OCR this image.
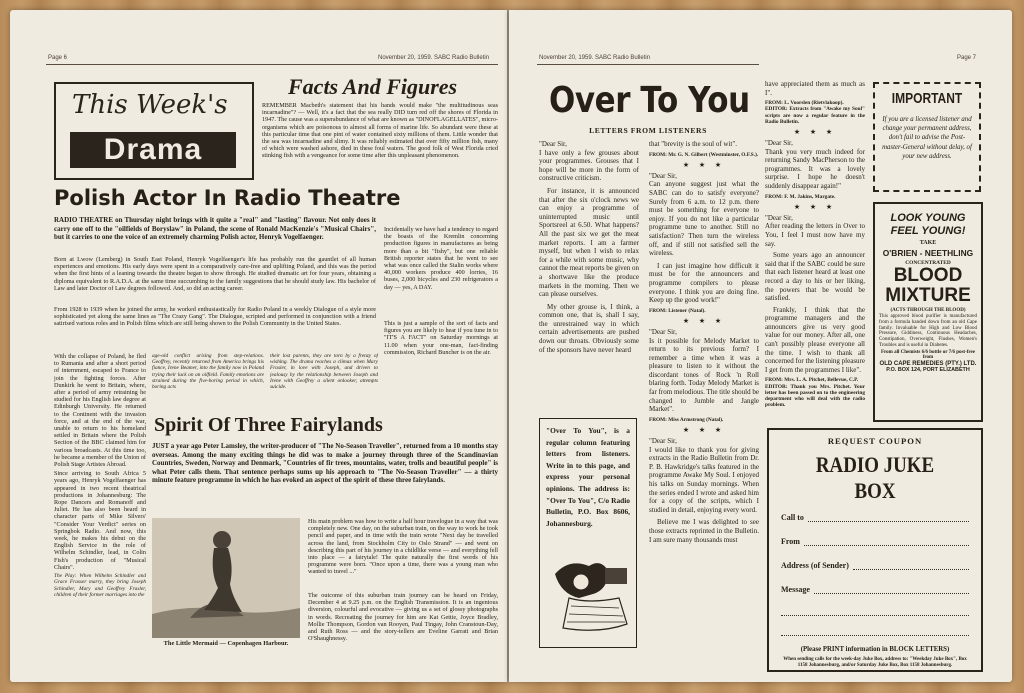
Page 6	November 20, 1959. SABC Radio Bulletin
This Week's
Drama
Facts And Figures

REMEMBER Macbeth's statement that his hands would make "the multitudinous seas incarnadine"? — Well, it's a fact that the sea really DID turn red off the shores of Florida in 1947. The cause was a superabundance of what are known as "DINOFLAGELLATES", micro-organisms which are poisonous to almost all forms of marine life. So abundant were these at this particular time that one pint of water contained sixty millions of them. Little wonder that the sea was incarnadine and slimy. It was reliably estimated that over fifty million fish, many of which were washed ashore, died in these foul waters. The good folk of West Florida cried stinking fish with a vengeance for some time after this unpleasant phenomenon.

Incidentally we have had a tendency to regard the boasts of the Kremlin concerning production figures in manufactures as being more than a bit "fishy", but one reliable British reporter states that he went to see what was once called the Stalin works where 40,000 workers produce 400 lorries, 16 buses, 2,000 bicycles and 230 refrigerators a day — yes, A DAY.

This is just a sample of the sort of facts and figures you are likely to hear if you tune in to "IT'S A FACT" on Saturday mornings at 11.00 when your one-man, fact-finding commission, Richard Buncher is on the air.

Polish Actor In Radio Theatre

RADIO THEATRE on Thursday night brings with it quite a "real" and "lasting" flavour. Not only does it carry one off to the "oilfields of Boryslaw" in Poland, the scene of Ronald MacKenzie's "Musical Chairs", but it carries to one the voice of an extremely charming Polish actor, Henryk Vogelfaenger.

Born at Lwow (Lemberg) in South East Poland, Henryk Vogelfaenger's life has probably run the gauntlet of all human experiences and emotions. His early days were spent in a comparatively care-free and uplifting Poland, and this was the period when the first hints of a leaning towards the theatre began to show through. He studied dramatic art for four years, obtaining a diploma equivalent to R.A.D.A. at the same time succumbing to the family suggestions that he should study law. His bachelor of Law and later Doctor of Law degrees followed. And, so did an acting career.

From 1928 to 1939 when he joined the army, he worked enthusiastically for Radio Poland in a weekly Dialogue of a style more sophisticated yet along the same lines as "The Crazy Gang". The Dialogue, scripted and performed in conjunction with a friend satirised various roles and in Polish films which are still being shown to the Polish Community in the United States.

With the collapse of Poland, he fled to Rumania and after a short period of internment, escaped to France to join the fighting forces. After Dunkirk he went to Britain, where, after a period of army retraining he studied for his English law degree at Edinburgh University. He returned to the Continent with the invasion force, and at the end of the war, unable to return to his homeland settled in Britain where the Polish Section of the BBC claimed him for various broadcasts. At this time too, he became a member of the Union of Polish Stage Artistes Abroad.

Since arriving to South Africa 5 years ago, Henryk Vogelfaenger has appeared in two recent theatrical productions in Johannesburg: The Rope Dancers and Romanoff and Juliet. He has also been heard in character parts of Mike Silvers' "Consider Your Verdict" series on Springbok Radio. And now, this week, he makes his debut on the English Service in the role of Wilhelm Schindler, lead, in Colin Fish's production of "Musical Chairs".

The Play: When Wilhelm Schindler and Grace Frasser marry, they bring Joseph Schindler, Mary and Geoffrey Frasler, children of their former marriages into the

age-old conflict arising from step-relations. Geoffrey, recently returned from America brings his fiance, Irene Beamer, into the family now in Poland trying their luck on an oilfield. Family emotions are strained during the five-boring period in which, boring acts

their lost parents, they are torn by a frenzy of wishing. The drama reaches a climax when Mary Frasler, in love with Joseph, and driven to jealousy by the relationship between Joseph and Irene with Geoffrey a silent onlooker, attempts suicide.

Spirit Of Three Fairylands

JUST a year ago Peter Lamsley, the writer-producer of "The No-Season Traveller", returned from a 10 months stay overseas. Among the many exciting things he did was to make a journey through three of the Scandinavian Countries, Sweden, Norway and Denmark, "Countries of fir trees, mountains, water, trolls and beautiful people" is what Peter calls them. That sentence perhaps sums up his approach to "The No-Season Traveller" — a thirty minute feature programme in which he has evoked an aspect of the spirit of these three fairylands.

The Little Mermaid — Copenhagen Harbour.

His main problem was how to write a half hour travelogue in a way that was completely new. One day, on the suburban train, on the way to work he took pencil and paper, and in time with the train wrote "Next day he travelled across the land, from Stockholm City to Oslo Strand" — and went on describing this part of his journey in a childlike verse — and everything fell into place — a fairytale! The quite naturally the first words of his programme were born. "Once upon a time, there was a young man who wanted to travel ..."

The outcome of this suburban train journey can be heard on Friday, December 4 at 9.25 p.m. on the English Transmission. It is an ingenious diversion, colourful and evocative — giving us a set of glossy photographs in words. Recreating the journey for him are Kat Gettie, Joyce Bradley, Mollie Thompson, Gordon van Rooyen, Paul Tingay, John Cranstoun-Day, and Ruth Ross — and the story-tellers are Eveline Garratt and Brian O'Shaughnessy.

November 20, 1959. SABC Radio Bulletin	Page 7
Over To You
LETTERS FROM LISTENERS

"Dear Sir,
I have only a few grouses about your programmes. Grouses that I hope will be more in the form of constructive criticism.

For instance, it is announced that after the six o'clock news we can enjoy a programme of uninterrupted music until Sportsreel at 6.50. What happens? All the past six we get the meat market reports. I am a farmer myself, but when I wish to relax for a while with some music, why cannot the meat reports be given on a shortwave like the produce markets in the morning. Then we can please ourselves.

My other grouse is, I think, a common one, that is, shall I say, the unrestrained way in which certain advertisements are pushed down our throats. Obviously some of the sponsors have never heard

"Over To You", is a regular column featuring letters from listeners. Write in to this page, and express your personal opinions. The address is: "Over To You", C/o Radio Bulletin, P.O. Box 8606, Johannesburg.

that "brevity is the soul of wit".

FROM: Mr. G. N. Gilbert (Westminster, O.F.S.).

★ ★ ★

"Dear Sir,
Can anyone suggest just what the SABC can do to satisfy everyone? Surely from 6 a.m. to 12 p.m. there must be something for everyone to enjoy. If you do not like a particular programme tune to another. Still no satisfaction? Then turn the wireless off, and if still not satisfied sell the wireless.

I can just imagine how difficult it must be for the announcers and programme compilers to please everyone. I think you are doing fine. Keep up the good work!"

FROM: Listener (Natal).

★ ★ ★

"Dear Sir,
Is it possible for Melody Market to return to its previous form? I remember a time when it was a pleasure to listen to it without the discordant tones of Rock 'n Roll blaring forth. Today Melody Market is far from melodious. The title should be changed to Jumble and Jangle Market".

FROM: Miss Armstrong (Natal).

★ ★ ★

"Dear Sir,
I would like to thank you for giving extracts in the Radio Bulletin from Dr. P. B. Hawkridge's talks featured in the programme Awake My Soul. I enjoyed his talks on Sunday mornings. When the series ended I wrote and asked him for a copy of the scripts, which I studied in detail, enjoying every word.

Believe me I was delighted to see those extracts reprinted in the Bulletin. I am sure many thousands must

have appreciated them as much as I".

FROM: L. Voorslen (Rietvlakoop).

EDITOR: Extracts from "Awake my Soul" scripts are now a regular feature in the Radio Bulletin.

★ ★ ★

"Dear Sir,
Thank you very much indeed for returning Sandy MacPherson to the programmes. It was a lovely surprise. I hope he doesn't suddenly disappear again!"

FROM: F. M. Jakins, Margate.

★ ★ ★

"Dear Sir,
After reading the letters in Over to You, I feel I must now have my say.

Some years ago an announcer said that if the SABC could be sure that each listener heard at least one record a day to his or her liking, the powers that be would be satisfied.

Frankly, I think that the programme managers and the announcers give us very good value for our money. After all, one can't possibly please everyone all the time. I wish to thank all concerned for the listening pleasure I get from the programmes I like".

FROM: Mrs. L. A. Pitchet, Bellevue, C.P.

EDITOR: Thank you Mrs. Pitchet. Your letter has been passed on to the engineering department who will deal with the radio problem.

IMPORTANT

If you are a licensed listener and change your permanent address, don't fail to advise the Post-master-General without delay, of your new address.

LOOK YOUNG
FEEL YOUNG!
TAKE
O'BRIEN - NEETHLING
CONCENTRATED
BLOOD
MIXTURE
(ACTS THROUGH THE BLOOD)

This approved blood purifier is manufactured from a formula handed down from an old Cape family. Invaluable for High and Low Blood Pressure, Giddiness, Continuous Headaches, Constipation, Overweight, Flushes, Women's Troubles and is useful in Diabetes.

From all Chemists 6/6 bottle or 7/6 post-free from
OLD CAPE REMEDIES (PTY.) LTD.
P.O. BOX 124, PORT ELIZABETH
REQUEST COUPON
RADIO JUKE BOX
Call to
From
Address (of Sender)
Message
(Please PRINT information in BLOCK LETTERS)

When sending calls for the week-day Juke Box, address to: "Weekday Juke Box", Box 1158 Johannesburg, and/or Saturday Juke Box, Box 1158 Johannesburg.
